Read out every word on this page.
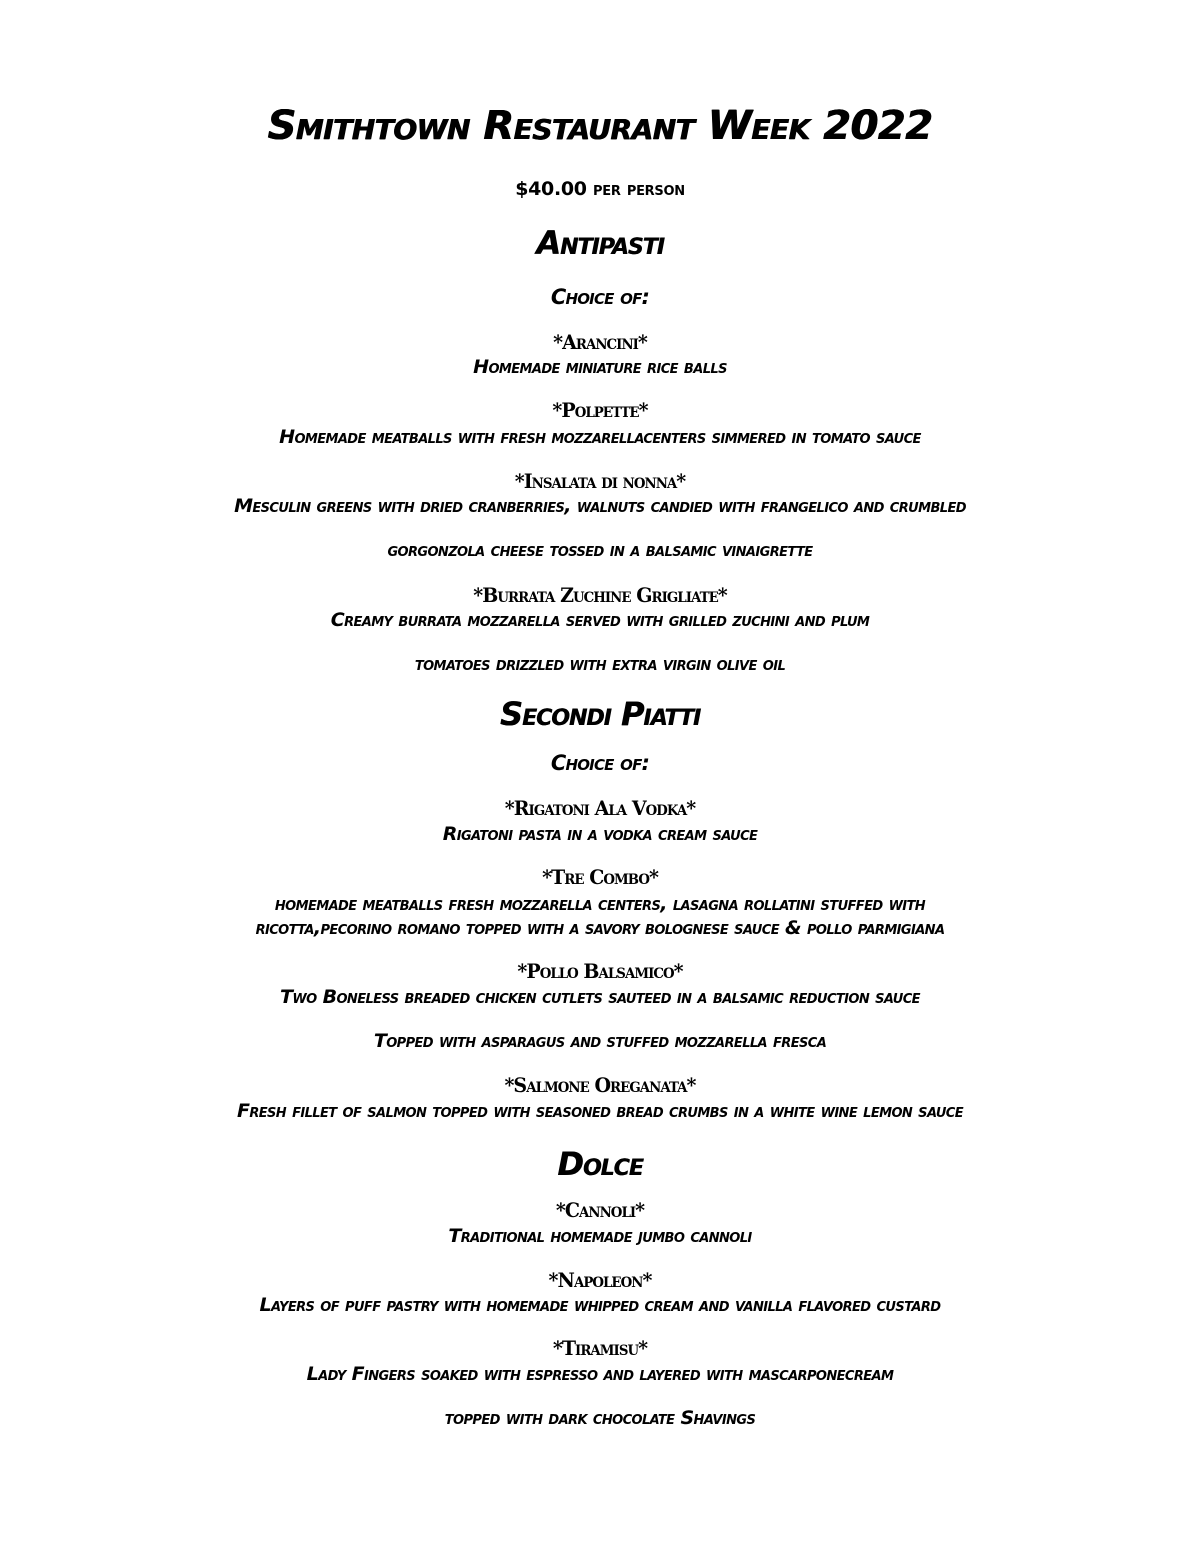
Smithtown Restaurant Week 2022
$40.00 per person
Antipasti
Choice of:
*Arancini*
Homemade miniature rice balls
*Polpette*
Homemade meatballs with fresh mozzarellacenters simmered in tomato sauce
*Insalata di nonna*
Mesculin greens with dried cranberries, walnuts candied with frangelico and crumbled
gorgonzola cheese tossed in a balsamic vinaigrette
*Burrata Zuchine Grigliate*
Creamy burrata mozzarella served with grilled zuchini and plum
tomatoes drizzled with extra virgin olive oil
Secondi Piatti
Choice of:
*Rigatoni Ala Vodka*
Rigatoni pasta in a vodka cream sauce
*Tre Combo*
homemade meatballs fresh mozzarella centers, lasagna rollatini stuffed with
ricotta,pecorino romano topped with a savory bolognese sauce & pollo parmigiana
*Pollo Balsamico*
Two Boneless breaded chicken cutlets sauteed in a balsamic reduction sauce
Topped with asparagus and stuffed mozzarella fresca
*Salmone Oreganata*
Fresh fillet of salmon topped with seasoned bread crumbs in a white wine lemon sauce
Dolce
*Cannoli*
Traditional homemade jumbo cannoli
*Napoleon*
Layers of puff pastry with homemade whipped cream and vanilla flavored custard
*Tiramisu*
Lady Fingers soaked with espresso and layered with mascarponecream
topped with dark chocolate Shavings
